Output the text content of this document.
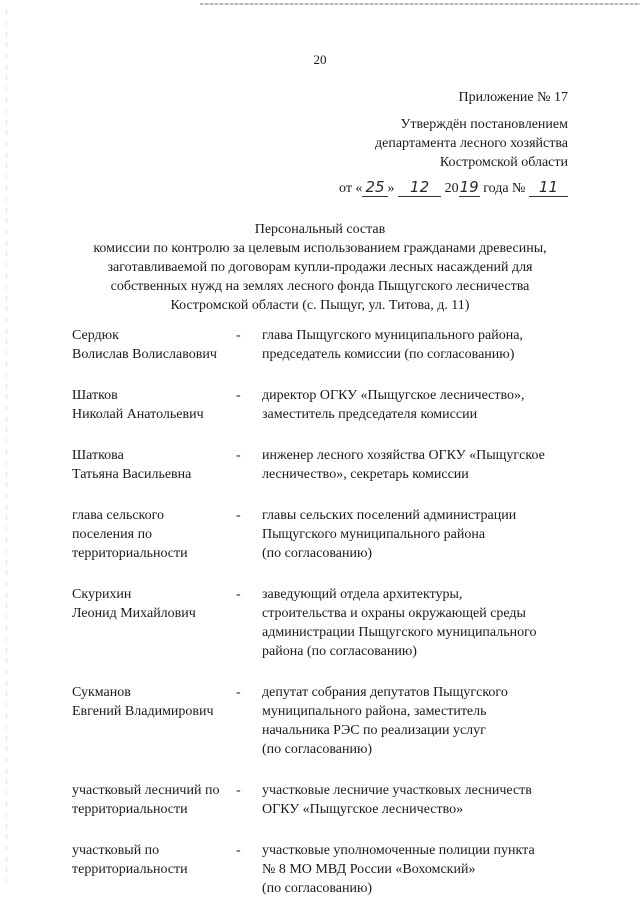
20
Приложение № 17
Утверждён постановлением
департамента лесного хозяйства
Костромской области
от « 25 » 12 2019 года № 11
Персональный состав
комиссии по контролю за целевым использованием гражданами древесины,
заготавливаемой по договорам купли-продажи лесных насаждений для
собственных нужд на землях лесного фонда Пыщугского лесничества
Костромской области (с. Пыщуг, ул. Титова, д. 11)
Сердюк
Волислав Волиславович
-	глава Пыщугского муниципального района,
председатель комиссии (по согласованию)
Шатков
Николай Анатольевич
-	директор ОГКУ «Пыщугское лесничество»,
заместитель председателя комиссии
Шаткова
Татьяна Васильевна
-	инженер лесного хозяйства ОГКУ «Пыщугское
лесничество», секретарь комиссии
глава сельского
поселения по
территориальности
-	главы сельских поселений администрации
Пыщугского муниципального района
(по согласованию)
Скурихин
Леонид Михайлович
-	заведующий отдела архитектуры,
строительства и охраны окружающей среды
администрации Пыщугского муниципального
района (по согласованию)
Сукманов
Евгений Владимирович
-	депутат собрания депутатов Пыщугского
муниципального района, заместитель
начальника РЭС по реализации услуг
(по согласованию)
участковый лесничий по
территориальности
-	участковые лесничие участковых лесничеств
ОГКУ «Пыщугское лесничество»
участковый по
территориальности
-	участковые уполномоченные полиции пункта
№ 8 МО МВД России «Вохомский»
(по согласованию)
